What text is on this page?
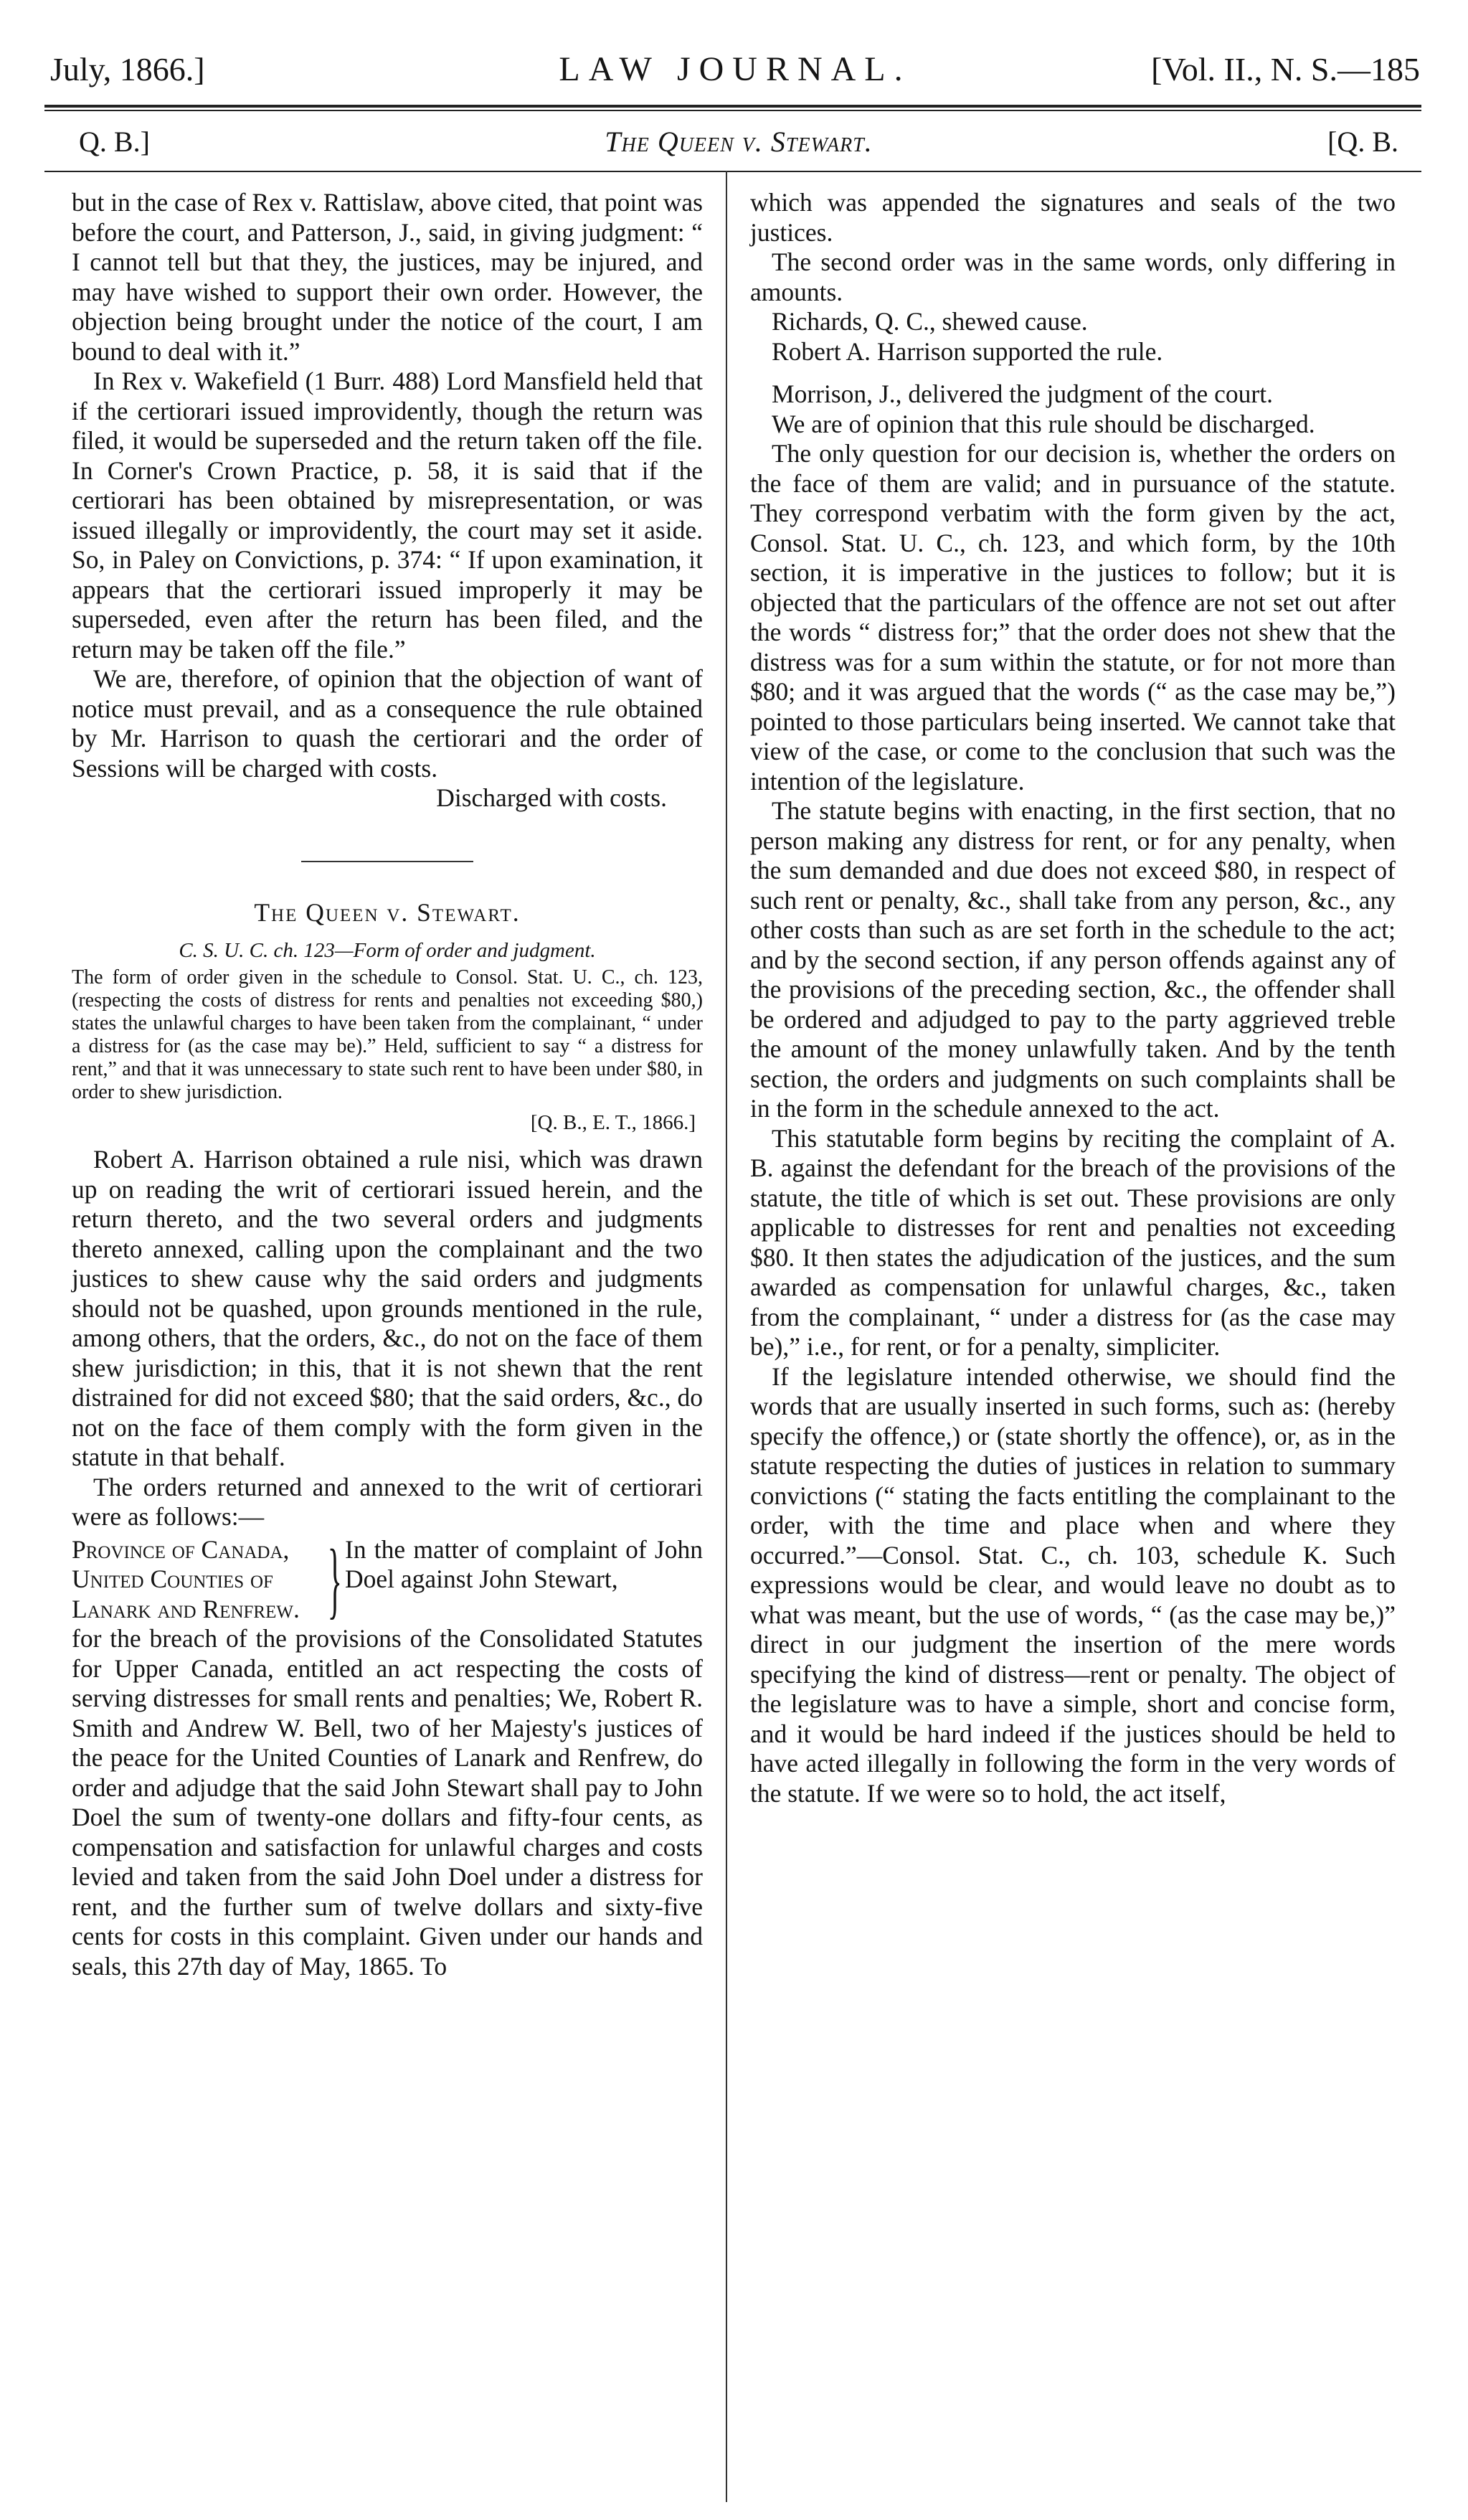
July, 1866.]	LAW JOURNAL.	[Vol. II., N. S.—185
Q. B.]	The Queen v. Stewart.	[Q. B.

but in the case of Rex v. Rattislaw, above cited, that point was before the court, and Patterson, J., said, in giving judgment: “ I cannot tell but that they, the justices, may be injured, and may have wished to support their own order. However, the objection being brought under the notice of the court, I am bound to deal with it.”

In Rex v. Wakefield (1 Burr. 488) Lord Mansfield held that if the certiorari issued improvidently, though the return was filed, it would be superseded and the return taken off the file. In Corner's Crown Practice, p. 58, it is said that if the certiorari has been obtained by misrepresentation, or was issued illegally or improvidently, the court may set it aside. So, in Paley on Convictions, p. 374: “ If upon examination, it appears that the certiorari issued improperly it may be superseded, even after the return has been filed, and the return may be taken off the file.”

We are, therefore, of opinion that the objection of want of notice must prevail, and as a consequence the rule obtained by Mr. Harrison to quash the certiorari and the order of Sessions will be charged with costs.

Discharged with costs.

The Queen v. Stewart.

C. S. U. C. ch. 123—Form of order and judgment.

The form of order given in the schedule to Consol. Stat. U. C., ch. 123, (respecting the costs of distress for rents and penalties not exceeding $80,) states the unlawful charges to have been taken from the complainant, “ under a distress for (as the case may be).” Held, sufficient to say “ a distress for rent,” and that it was unnecessary to state such rent to have been under $80, in order to shew jurisdiction.

[Q. B., E. T., 1866.]

Robert A. Harrison obtained a rule nisi, which was drawn up on reading the writ of certiorari issued herein, and the return thereto, and the two several orders and judgments thereto annexed, calling upon the complainant and the two justices to shew cause why the said orders and judgments should not be quashed, upon grounds mentioned in the rule, among others, that the orders, &c., do not on the face of them shew jurisdiction; in this, that it is not shewn that the rent distrained for did not exceed $80; that the said orders, &c., do not on the face of them comply with the form given in the statute in that behalf.

The orders returned and annexed to the writ of certiorari were as follows:—

Province of Canada,
United Counties of
Lanark and Renfrew. } In the matter of complaint of John Doel against John Stewart,

for the breach of the provisions of the Consolidated Statutes for Upper Canada, entitled an act respecting the costs of serving distresses for small rents and penalties; We, Robert R. Smith and Andrew W. Bell, two of her Majesty's justices of the peace for the United Counties of Lanark and Renfrew, do order and adjudge that the said John Stewart shall pay to John Doel the sum of twenty-one dollars and fifty-four cents, as compensation and satisfaction for unlawful charges and costs levied and taken from the said John Doel under a distress for rent, and the further sum of twelve dollars and sixty-five cents for costs in this complaint. Given under our hands and seals, this 27th day of May, 1865. To

which was appended the signatures and seals of the two justices.

The second order was in the same words, only differing in amounts.

Richards, Q. C., shewed cause.

Robert A. Harrison supported the rule.

Morrison, J., delivered the judgment of the court.

We are of opinion that this rule should be discharged.

The only question for our decision is, whether the orders on the face of them are valid; and in pursuance of the statute. They correspond verbatim with the form given by the act, Consol. Stat. U. C., ch. 123, and which form, by the 10th section, it is imperative in the justices to follow; but it is objected that the particulars of the offence are not set out after the words “ distress for;” that the order does not shew that the distress was for a sum within the statute, or for not more than $80; and it was argued that the words (“ as the case may be,”) pointed to those particulars being inserted. We cannot take that view of the case, or come to the conclusion that such was the intention of the legislature.

The statute begins with enacting, in the first section, that no person making any distress for rent, or for any penalty, when the sum demanded and due does not exceed $80, in respect of such rent or penalty, &c., shall take from any person, &c., any other costs than such as are set forth in the schedule to the act; and by the second section, if any person offends against any of the provisions of the preceding section, &c., the offender shall be ordered and adjudged to pay to the party aggrieved treble the amount of the money unlawfully taken. And by the tenth section, the orders and judgments on such complaints shall be in the form in the schedule annexed to the act.

This statutable form begins by reciting the complaint of A. B. against the defendant for the breach of the provisions of the statute, the title of which is set out. These provisions are only applicable to distresses for rent and penalties not exceeding $80. It then states the adjudication of the justices, and the sum awarded as compensation for unlawful charges, &c., taken from the complainant, “ under a distress for (as the case may be),” i.e., for rent, or for a penalty, simpliciter.

If the legislature intended otherwise, we should find the words that are usually inserted in such forms, such as: (hereby specify the offence,) or (state shortly the offence), or, as in the statute respecting the duties of justices in relation to summary convictions (“ stating the facts entitling the complainant to the order, with the time and place when and where they occurred.”—Consol. Stat. C., ch. 103, schedule K. Such expressions would be clear, and would leave no doubt as to what was meant, but the use of words, “ (as the case may be,)” direct in our judgment the insertion of the mere words specifying the kind of distress—rent or penalty. The object of the legislature was to have a simple, short and concise form, and it would be hard indeed if the justices should be held to have acted illegally in following the form in the very words of the statute. If we were so to hold, the act itself,
